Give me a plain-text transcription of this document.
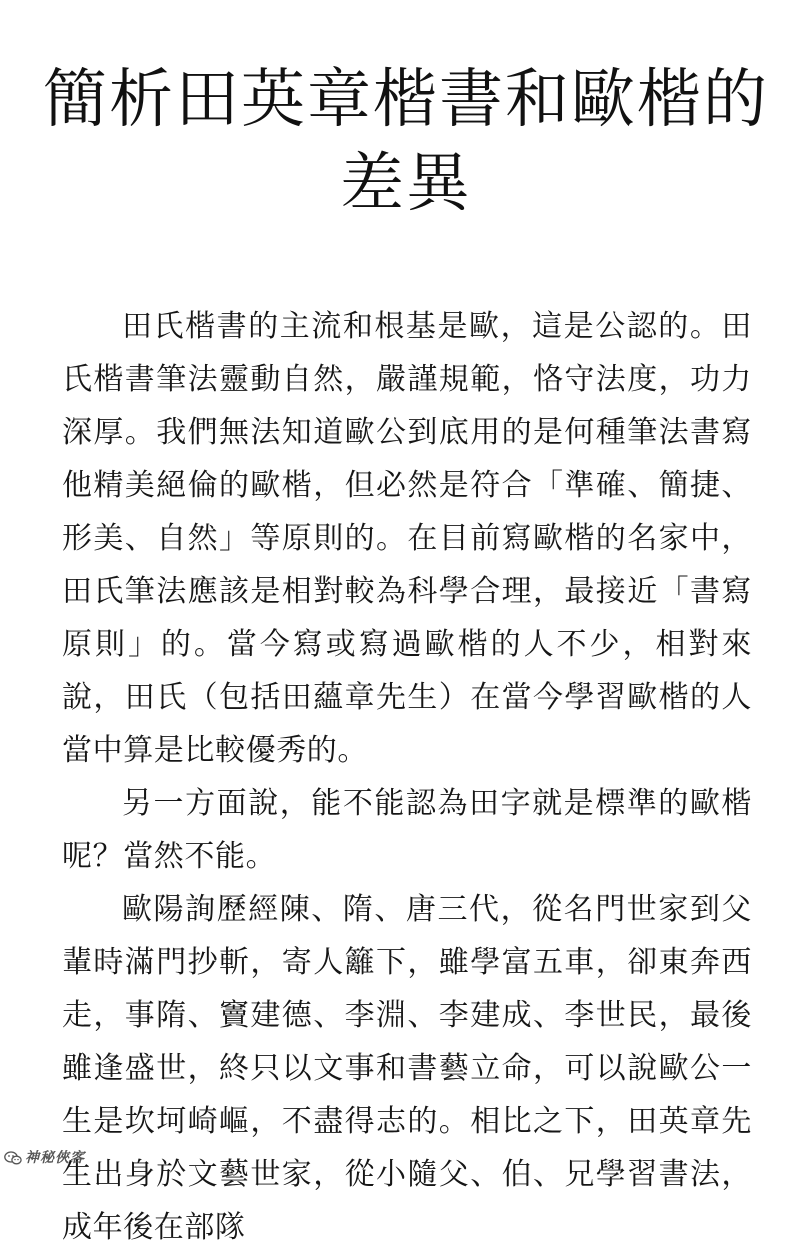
簡析田英章楷書和歐楷的差異

田氏楷書的主流和根基是歐，這是公認的。田氏楷書筆法靈動自然，嚴謹規範，恪守法度，功力深厚。我們無法知道歐公到底用的是何種筆法書寫他精美絕倫的歐楷，但必然是符合「準確、簡捷、形美、自然」等原則的。在目前寫歐楷的名家中，田氏筆法應該是相對較為科學合理，最接近「書寫原則」的。當今寫或寫過歐楷的人不少，相對來說，田氏（包括田蘊章先生）在當今學習歐楷的人當中算是比較優秀的。

另一方面說，能不能認為田字就是標準的歐楷呢？當然不能。

歐陽詢歷經陳、隋、唐三代，從名門世家到父輩時滿門抄斬，寄人籬下，雖學富五車，卻東奔西走，事隋、竇建德、李淵、李建成、李世民，最後雖逢盛世，終只以文事和書藝立命，可以說歐公一生是坎坷崎嶇，不盡得志的。相比之下，田英章先生出身於文藝世家，從小隨父、伯、兄學習書法，成年後在部隊

神秘俠客
